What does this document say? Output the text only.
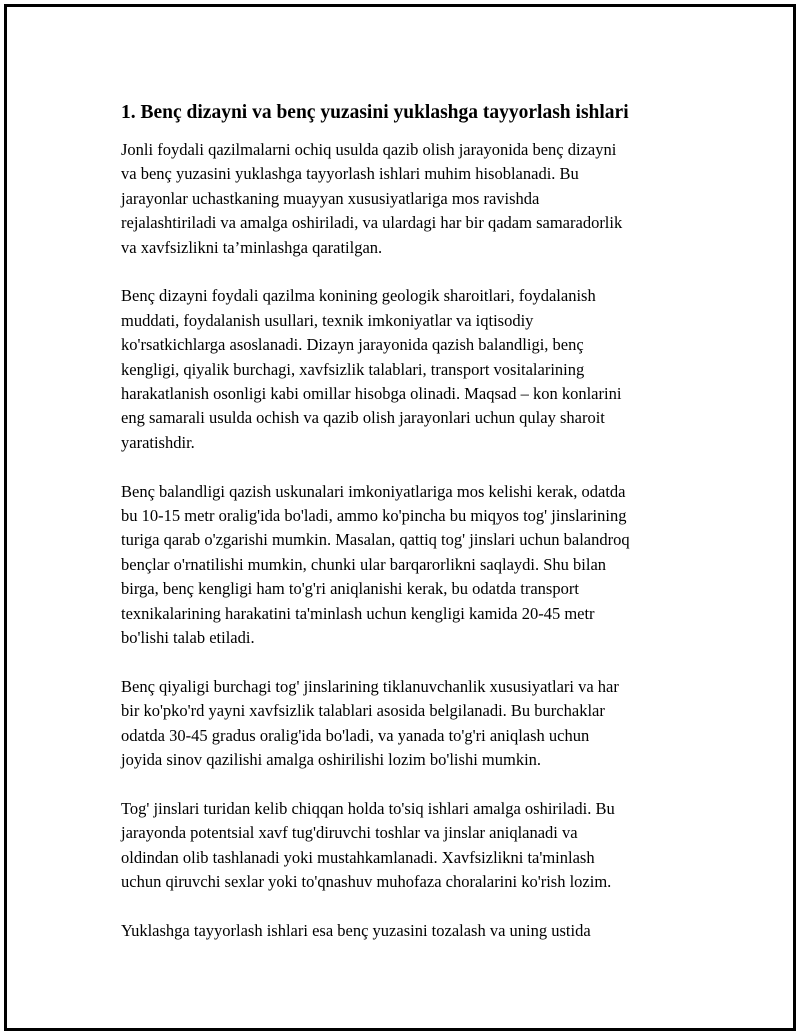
1. Benç dizayni va benç yuzasini yuklashga tayyorlash ishlari

Jonli foydali qazilmalarni ochiq usulda qazib olish jarayonida benç dizayni
va benç yuzasini yuklashga tayyorlash ishlari muhim hisoblanadi. Bu
jarayonlar uchastkaning muayyan xususiyatlariga mos ravishda
rejalashtiriladi va amalga oshiriladi, va ulardagi har bir qadam samaradorlik
va xavfsizlikni ta’minlashga qaratilgan.

Benç dizayni foydali qazilma konining geologik sharoitlari, foydalanish
muddati, foydalanish usullari, texnik imkoniyatlar va iqtisodiy
ko'rsatkichlarga asoslanadi. Dizayn jarayonida qazish balandligi, benç
kengligi, qiyalik burchagi, xavfsizlik talablari, transport vositalarining
harakatlanish osonligi kabi omillar hisobga olinadi. Maqsad – kon konlarini
eng samarali usulda ochish va qazib olish jarayonlari uchun qulay sharoit
yaratishdir.

Benç balandligi qazish uskunalari imkoniyatlariga mos kelishi kerak, odatda
bu 10-15 metr oralig'ida bo'ladi, ammo ko'pincha bu miqyos tog' jinslarining
turiga qarab o'zgarishi mumkin. Masalan, qattiq tog' jinslari uchun balandroq
bençlar o'rnatilishi mumkin, chunki ular barqarorlikni saqlaydi. Shu bilan
birga, benç kengligi ham to'g'ri aniqlanishi kerak, bu odatda transport
texnikalarining harakatini ta'minlash uchun kengligi kamida 20-45 metr
bo'lishi talab etiladi.

Benç qiyaligi burchagi tog' jinslarining tiklanuvchanlik xususiyatlari va har
bir ko'pko'rd yayni xavfsizlik talablari asosida belgilanadi. Bu burchaklar
odatda 30-45 gradus oralig'ida bo'ladi, va yanada to'g'ri aniqlash uchun
joyida sinov qazilishi amalga oshirilishi lozim bo'lishi mumkin.

Tog' jinslari turidan kelib chiqqan holda to'siq ishlari amalga oshiriladi. Bu
jarayonda potentsial xavf tug'diruvchi toshlar va jinslar aniqlanadi va
oldindan olib tashlanadi yoki mustahkamlanadi. Xavfsizlikni ta'minlash
uchun qiruvchi sexlar yoki to'qnashuv muhofaza choralarini ko'rish lozim.

Yuklashga tayyorlash ishlari esa benç yuzasini tozalash va uning ustida
